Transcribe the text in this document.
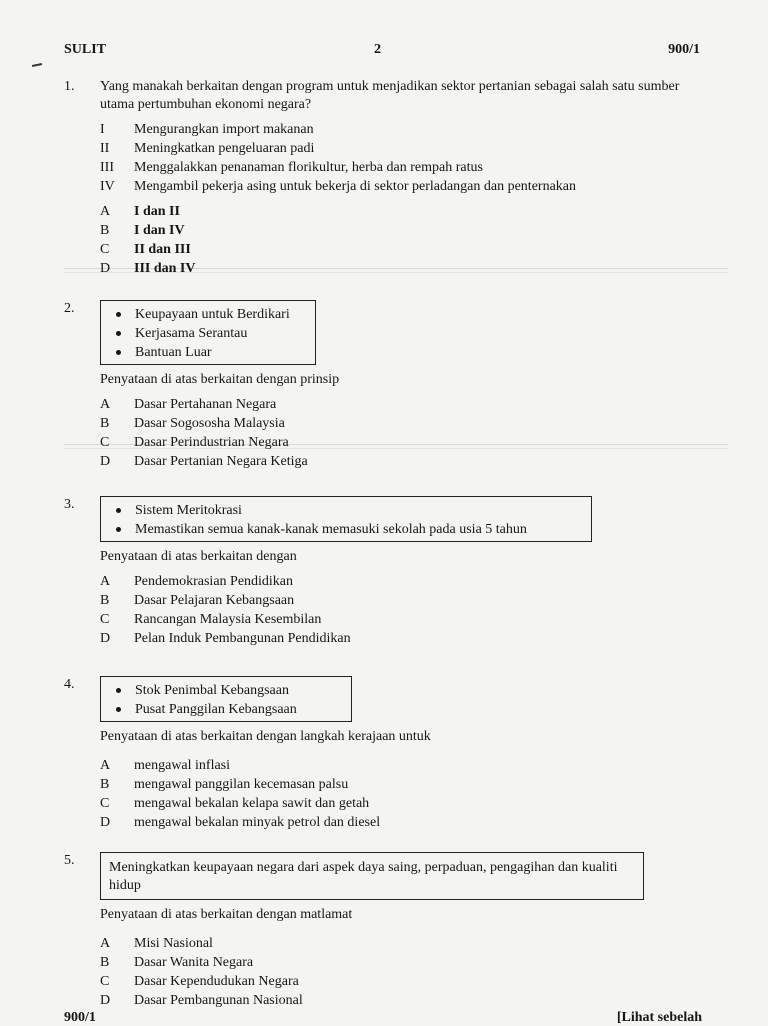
SULIT	2	900/1
1.	Yang manakah berkaitan dengan program untuk menjadikan sektor pertanian sebagai salah satu sumber utama pertumbuhan ekonomi negara?
I	Mengurangkan import makanan
II	Meningkatkan pengeluaran padi
III	Menggalakkan penanaman florikultur, herba dan rempah ratus
IV	Mengambil pekerja asing untuk bekerja di sektor perladangan dan penternakan
A	I dan II
B	I dan IV
C	II dan III
D	III dan IV
2.	Keupayaan untuk Berdikari
Kerjasama Serantau
Bantuan Luar
Penyataan di atas berkaitan dengan prinsip
A	Dasar Pertahanan Negara
B	Dasar Sogososha Malaysia
C	Dasar Perindustrian Negara
D	Dasar Pertanian Negara Ketiga
3.	Sistem Meritokrasi
Memastikan semua kanak-kanak memasuki sekolah pada usia 5 tahun
Penyataan di atas berkaitan dengan
A	Pendemokrasian Pendidikan
B	Dasar Pelajaran Kebangsaan
C	Rancangan Malaysia Kesembilan
D	Pelan Induk Pembangunan Pendidikan
4.	Stok Penimbal Kebangsaan
Pusat Panggilan Kebangsaan
Penyataan di atas berkaitan dengan langkah kerajaan untuk
A	mengawal inflasi
B	mengawal panggilan kecemasan palsu
C	mengawal bekalan kelapa sawit dan getah
D	mengawal bekalan minyak petrol dan diesel
5.	Meningkatkan keupayaan negara dari aspek daya saing, perpaduan, pengagihan dan kualiti hidup
Penyataan di atas berkaitan dengan matlamat
A	Misi Nasional
B	Dasar Wanita Negara
C	Dasar Kependudukan Negara
D	Dasar Pembangunan Nasional
900/1	[Lihat sebelah
